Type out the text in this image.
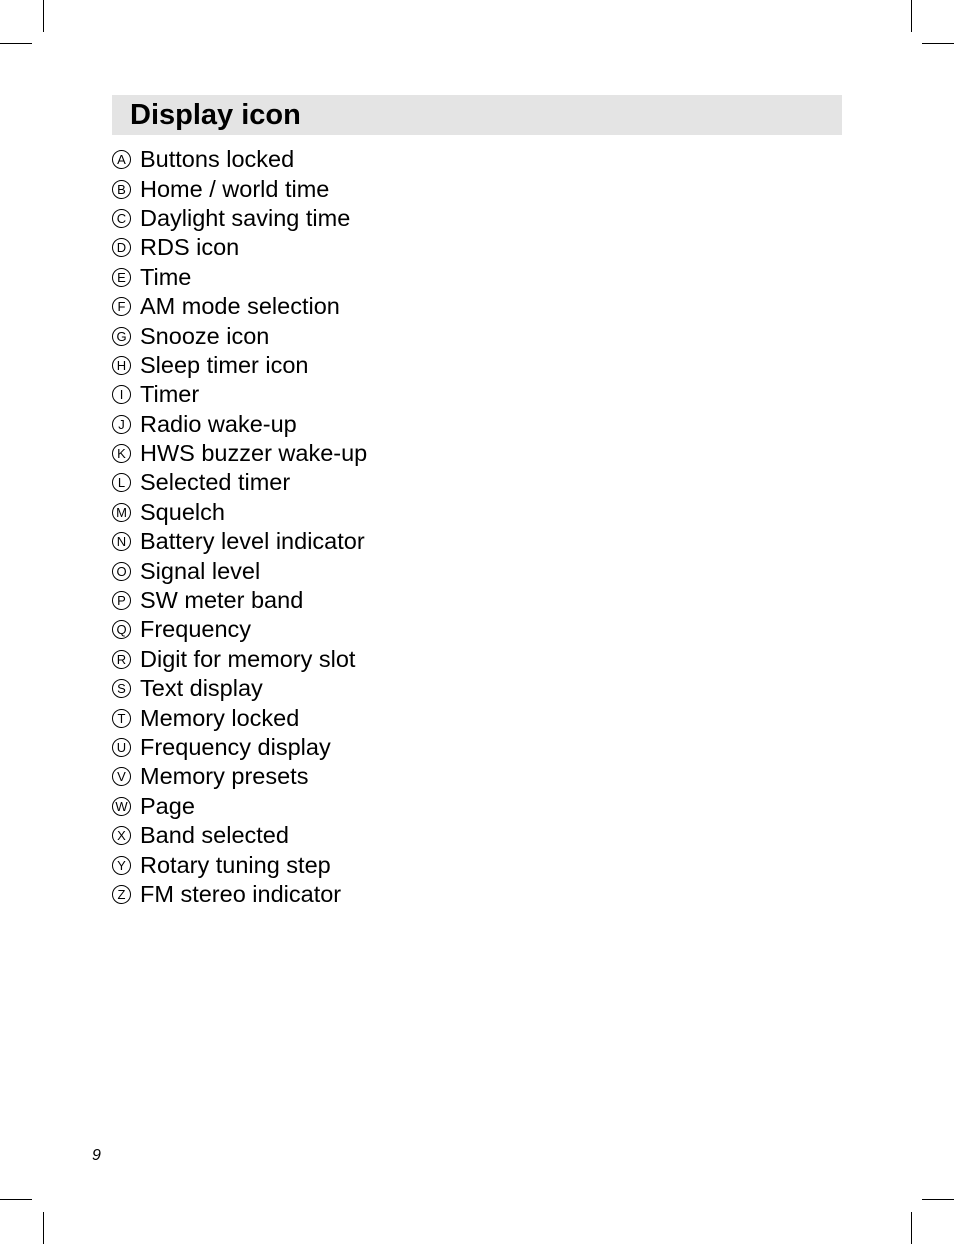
Display icon
A Buttons locked
B Home / world time
C Daylight saving time
D RDS icon
E Time
F AM mode selection
G Snooze icon
H Sleep timer icon
I Timer
J Radio wake-up
K HWS buzzer wake-up
L Selected timer
M Squelch
N Battery level indicator
O Signal level
P SW meter band
Q Frequency
R Digit for memory slot
S Text display
T Memory locked
U Frequency display
V Memory presets
W Page
X Band selected
Y Rotary tuning step
Z FM stereo indicator
9
